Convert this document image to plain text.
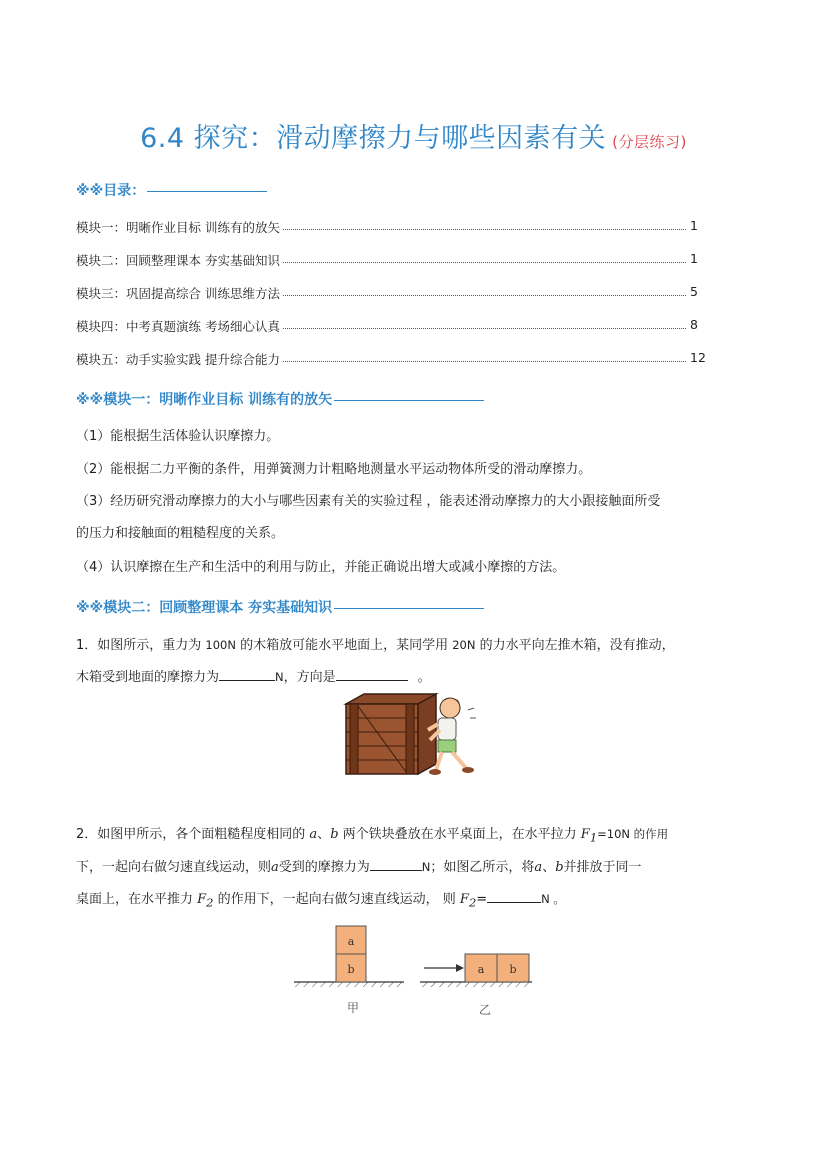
6.4 探究：滑动摩擦力与哪些因素有关 (分层练习)
※※目录：
模块一：明晰作业目标 训练有的放矢	1
模块二：回顾整理课本 夯实基础知识	1
模块三：巩固提高综合 训练思维方法	5
模块四：中考真题演练 考场细心认真	8
模块五：动手实验实践 提升综合能力	12
※※模块一：明晰作业目标 训练有的放矢
（1）能根据生活体验认识摩擦力。
（2）能根据二力平衡的条件，用弹簧测力计粗略地测量水平运动物体所受的滑动摩擦力。
（3）经历研究滑动摩擦力的大小与哪些因素有关的实验过程 ，能表述滑动摩擦力的大小跟接触面所受
的压力和接触面的粗糙程度的关系。
（4）认识摩擦在生产和生活中的利用与防止，并能正确说出增大或减小摩擦的方法。
※※模块二：回顾整理课本 夯实基础知识
1．如图所示，重力为 100N 的木箱放可能水平地面上，某同学用 20N 的力水平向左推木箱，没有推动，
木箱受到地面的摩擦力为	N，方向是	。
2．如图甲所示，各个面粗糙程度相同的 a、b 两个铁块叠放在水平桌面上，在水平拉力 $F_1=10N$ 的作用
下，一起向右做匀速直线运动，则a受到的摩擦力为	N；如图乙所示，将a、b并排放于同一
桌面上，在水平推力 $F_2$ 的作用下，一起向右做匀速直线运动， 则 $F_2=$	N 。
a
b
甲
a b
乙
